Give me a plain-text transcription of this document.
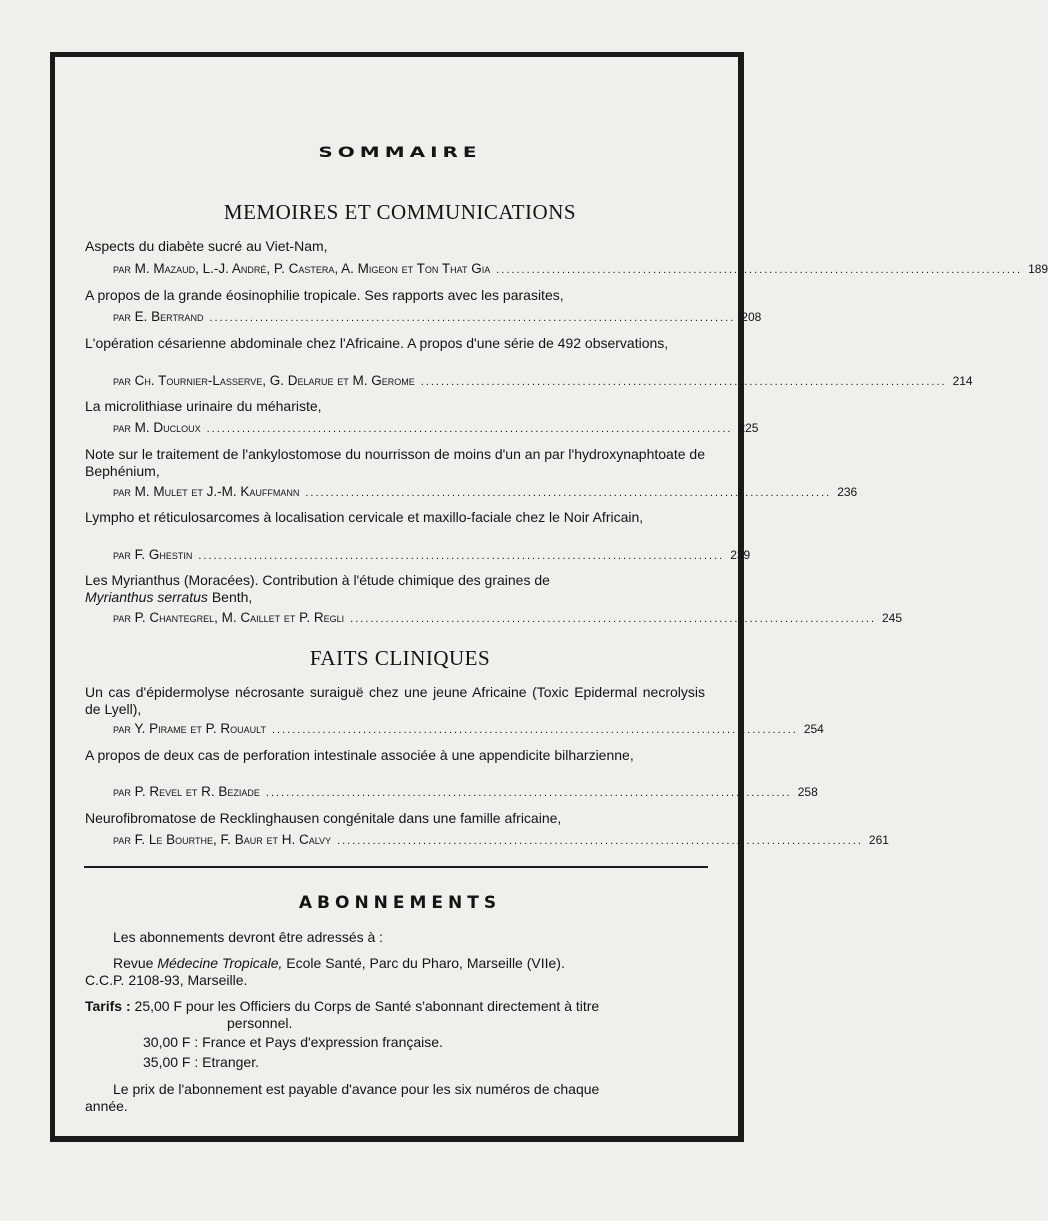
SOMMAIRE
MEMOIRES ET COMMUNICATIONS
Aspects du diabète sucré au Viet-Nam,
par M. Mazaud, L.-J. André, P. Castera, A. Migeon et Ton That Gia ........................................................................................................ 189
A propos de la grande éosinophilie tropicale. Ses rapports avec les parasites,
par E. Bertrand ........................................................................................................ 208
L'opération césarienne abdominale chez l'Africaine. A propos d'une série de 492 observations,
par Ch. Tournier-Lasserve, G. Delarue et M. Gerome ........................................................................................................ 214
La microlithiase urinaire du méhariste,
par M. Ducloux ........................................................................................................ 225
Note sur le traitement de l'ankylostomose du nourrisson de moins d'un an par l'hydroxynaphtoate de Bephénium,
par M. Mulet et J.-M. Kauffmann ........................................................................................................ 236
Lympho et réticulosarcomes à localisation cervicale et maxillo-faciale chez le Noir Africain,
par F. Ghestin ........................................................................................................ 239
Les Myrianthus (Moracées). Contribution à l'étude chimique des graines de
Myrianthus serratus Benth,
par P. Chantegrel, M. Caillet et P. Regli ........................................................................................................ 245
FAITS CLINIQUES
Un cas d'épidermolyse nécrosante suraiguë chez une jeune Africaine (Toxic Epidermal necrolysis de Lyell),
par Y. Pirame et P. Rouault ........................................................................................................ 254
A propos de deux cas de perforation intestinale associée à une appendicite bilharzienne,
par P. Revel et R. Beziade ........................................................................................................ 258
Neurofibromatose de Recklinghausen congénitale dans une famille africaine,
par F. Le Bourthe, F. Baur et H. Calvy ........................................................................................................ 261
ABONNEMENTS
Les abonnements devront être adressés à :
Revue Médecine Tropicale, Ecole Santé, Parc du Pharo, Marseille (VIIe).
C.C.P. 2108-93, Marseille.
Tarifs : 25,00 F pour les Officiers du Corps de Santé s'abonnant directement à titre
personnel.
30,00 F : France et Pays d'expression française.
35,00 F : Etranger.
Le prix de l'abonnement est payable d'avance pour les six numéros de chaque
année.
